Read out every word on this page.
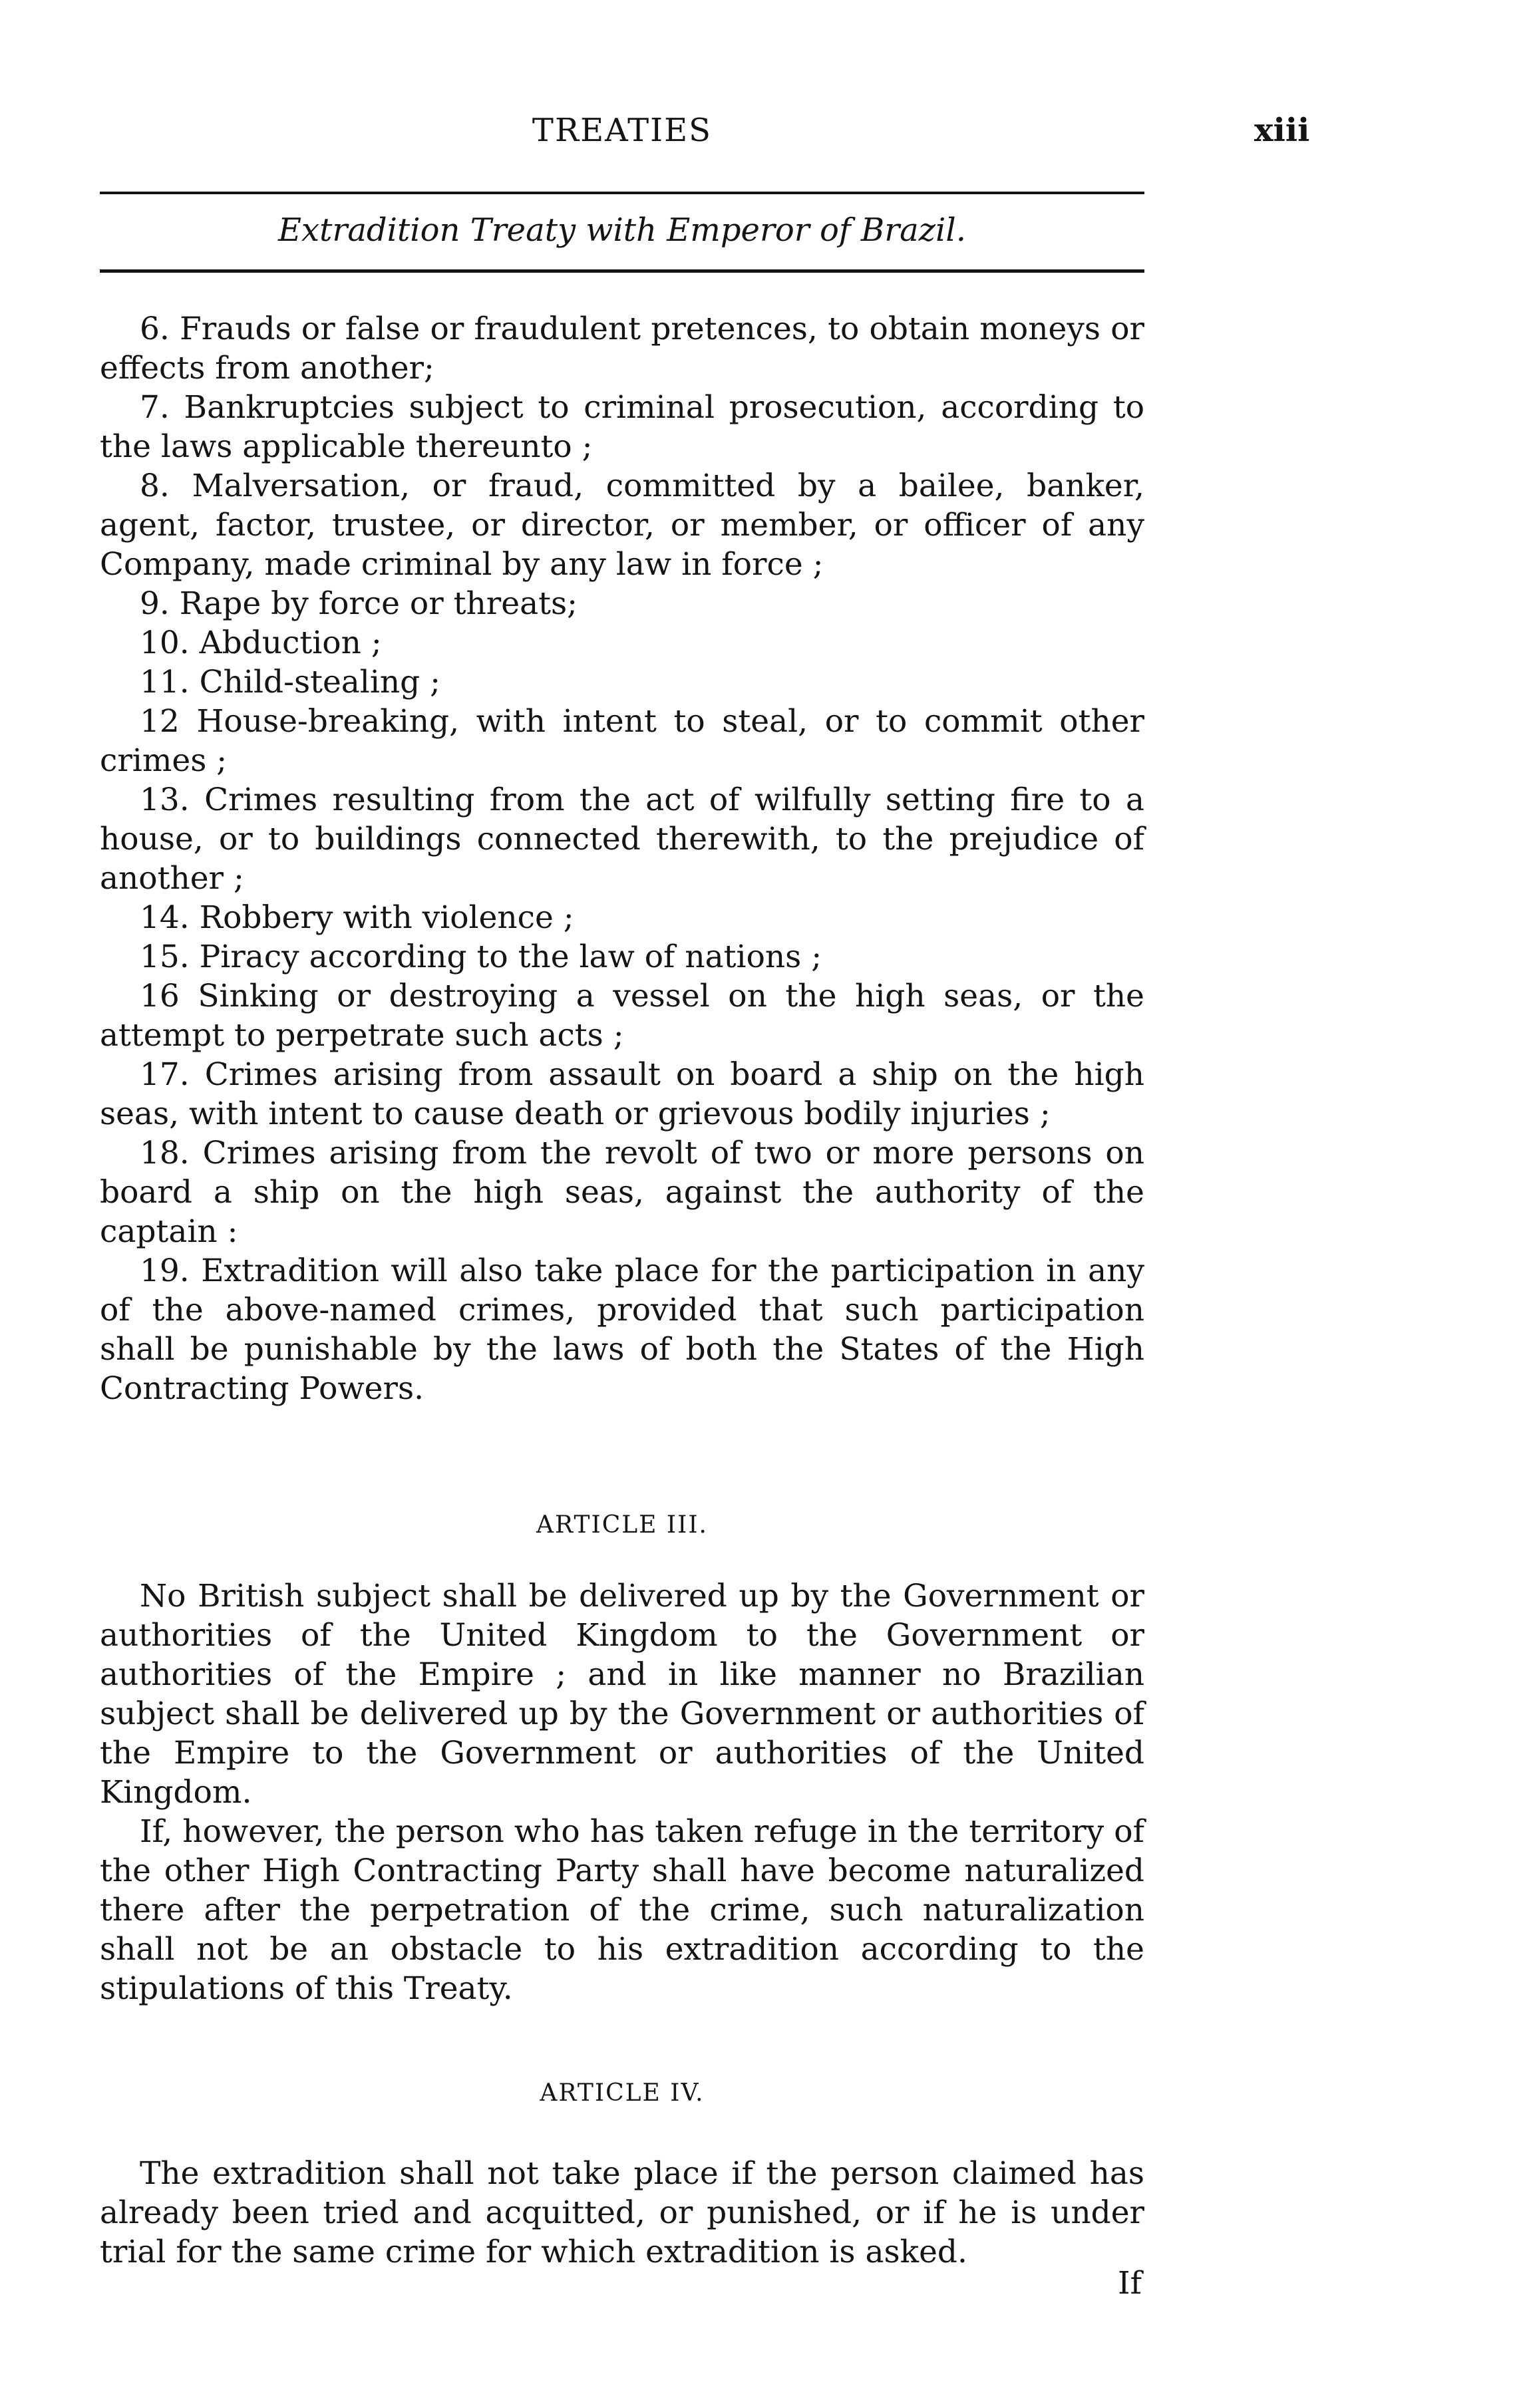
TREATIES	xiii
Extradition Treaty with Emperor of Brazil.

6. Frauds or false or fraudulent pretences, to obtain moneys or effects from another;

7. Bankruptcies subject to criminal prosecution, according to the laws applicable thereunto ;

8. Malversation, or fraud, committed by a bailee, banker, agent, factor, trustee, or director, or member, or officer of any Company, made criminal by any law in force ;

9. Rape by force or threats;

10. Abduction ;

11. Child-stealing ;

12 House-breaking, with intent to steal, or to commit other crimes ;

13. Crimes resulting from the act of wilfully setting fire to a house, or to buildings connected therewith, to the prejudice of another ;

14. Robbery with violence ;

15. Piracy according to the law of nations ;

16 Sinking or destroying a vessel on the high seas, or the attempt to perpetrate such acts ;

17. Crimes arising from assault on board a ship on the high seas, with intent to cause death or grievous bodily injuries ;

18. Crimes arising from the revolt of two or more persons on board a ship on the high seas, against the authority of the captain :

19. Extradition will also take place for the participation in any of the above-named crimes, provided that such participation shall be punishable by the laws of both the States of the High Contracting Powers.

ARTICLE III.

No British subject shall be delivered up by the Government or authorities of the United Kingdom to the Government or authorities of the Empire ; and in like manner no Brazilian subject shall be delivered up by the Government or authorities of the Empire to the Government or authorities of the United Kingdom.

If, however, the person who has taken refuge in the territory of the other High Contracting Party shall have become naturalized there after the perpetration of the crime, such naturalization shall not be an obstacle to his extradition according to the stipulations of this Treaty.

ARTICLE IV.

The extradition shall not take place if the person claimed has already been tried and acquitted, or punished, or if he is under trial for the same crime for which extradition is asked.

If
